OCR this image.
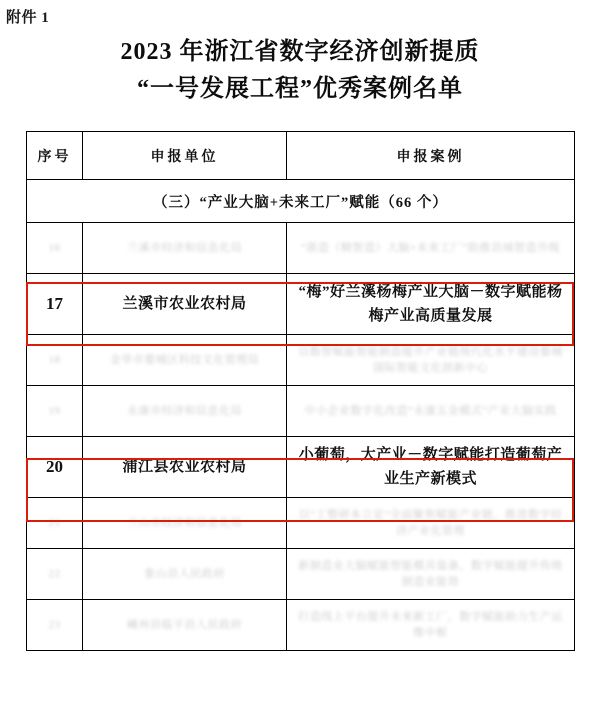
附件 1
2023 年浙江省数字经济创新提质
“一号发展工程”优秀案例名单
序号	申报单位	申报案例
（三）“产业大脑+未来工厂”赋能（66 个）		

16	兰溪市经济和信息化局	“浙造（精智造）大脑+未来工厂”助推县域智造升级

17	兰溪市农业农村局	“梅”好兰溪杨梅产业大脑－数字赋能杨梅产业高质量发展

18	金华市婺城区科技文化管理局	以数智赋能智能制造提升产业链现代化水平建设婺城国际智能文化创新中心

19	永康市经济和信息化局	中小企业数字化改造“永康五金模式”产业大脑实践

20	浦江县农业农村局	小葡萄，大产业－数字赋能打造葡萄产业生产新模式

21	兰山市经济和信息化局	以“工整研本立足”全面聚焦赋能产业链，推进数字经济产业化管理

22	象山县人民政府	新制造业大脑赋能智能模具装备，数字赋能提升传统制造业能效

23	嵊州县临平县人民政府	打造线上平台提升未来新工厂，数字赋能助力生产运维中枢
